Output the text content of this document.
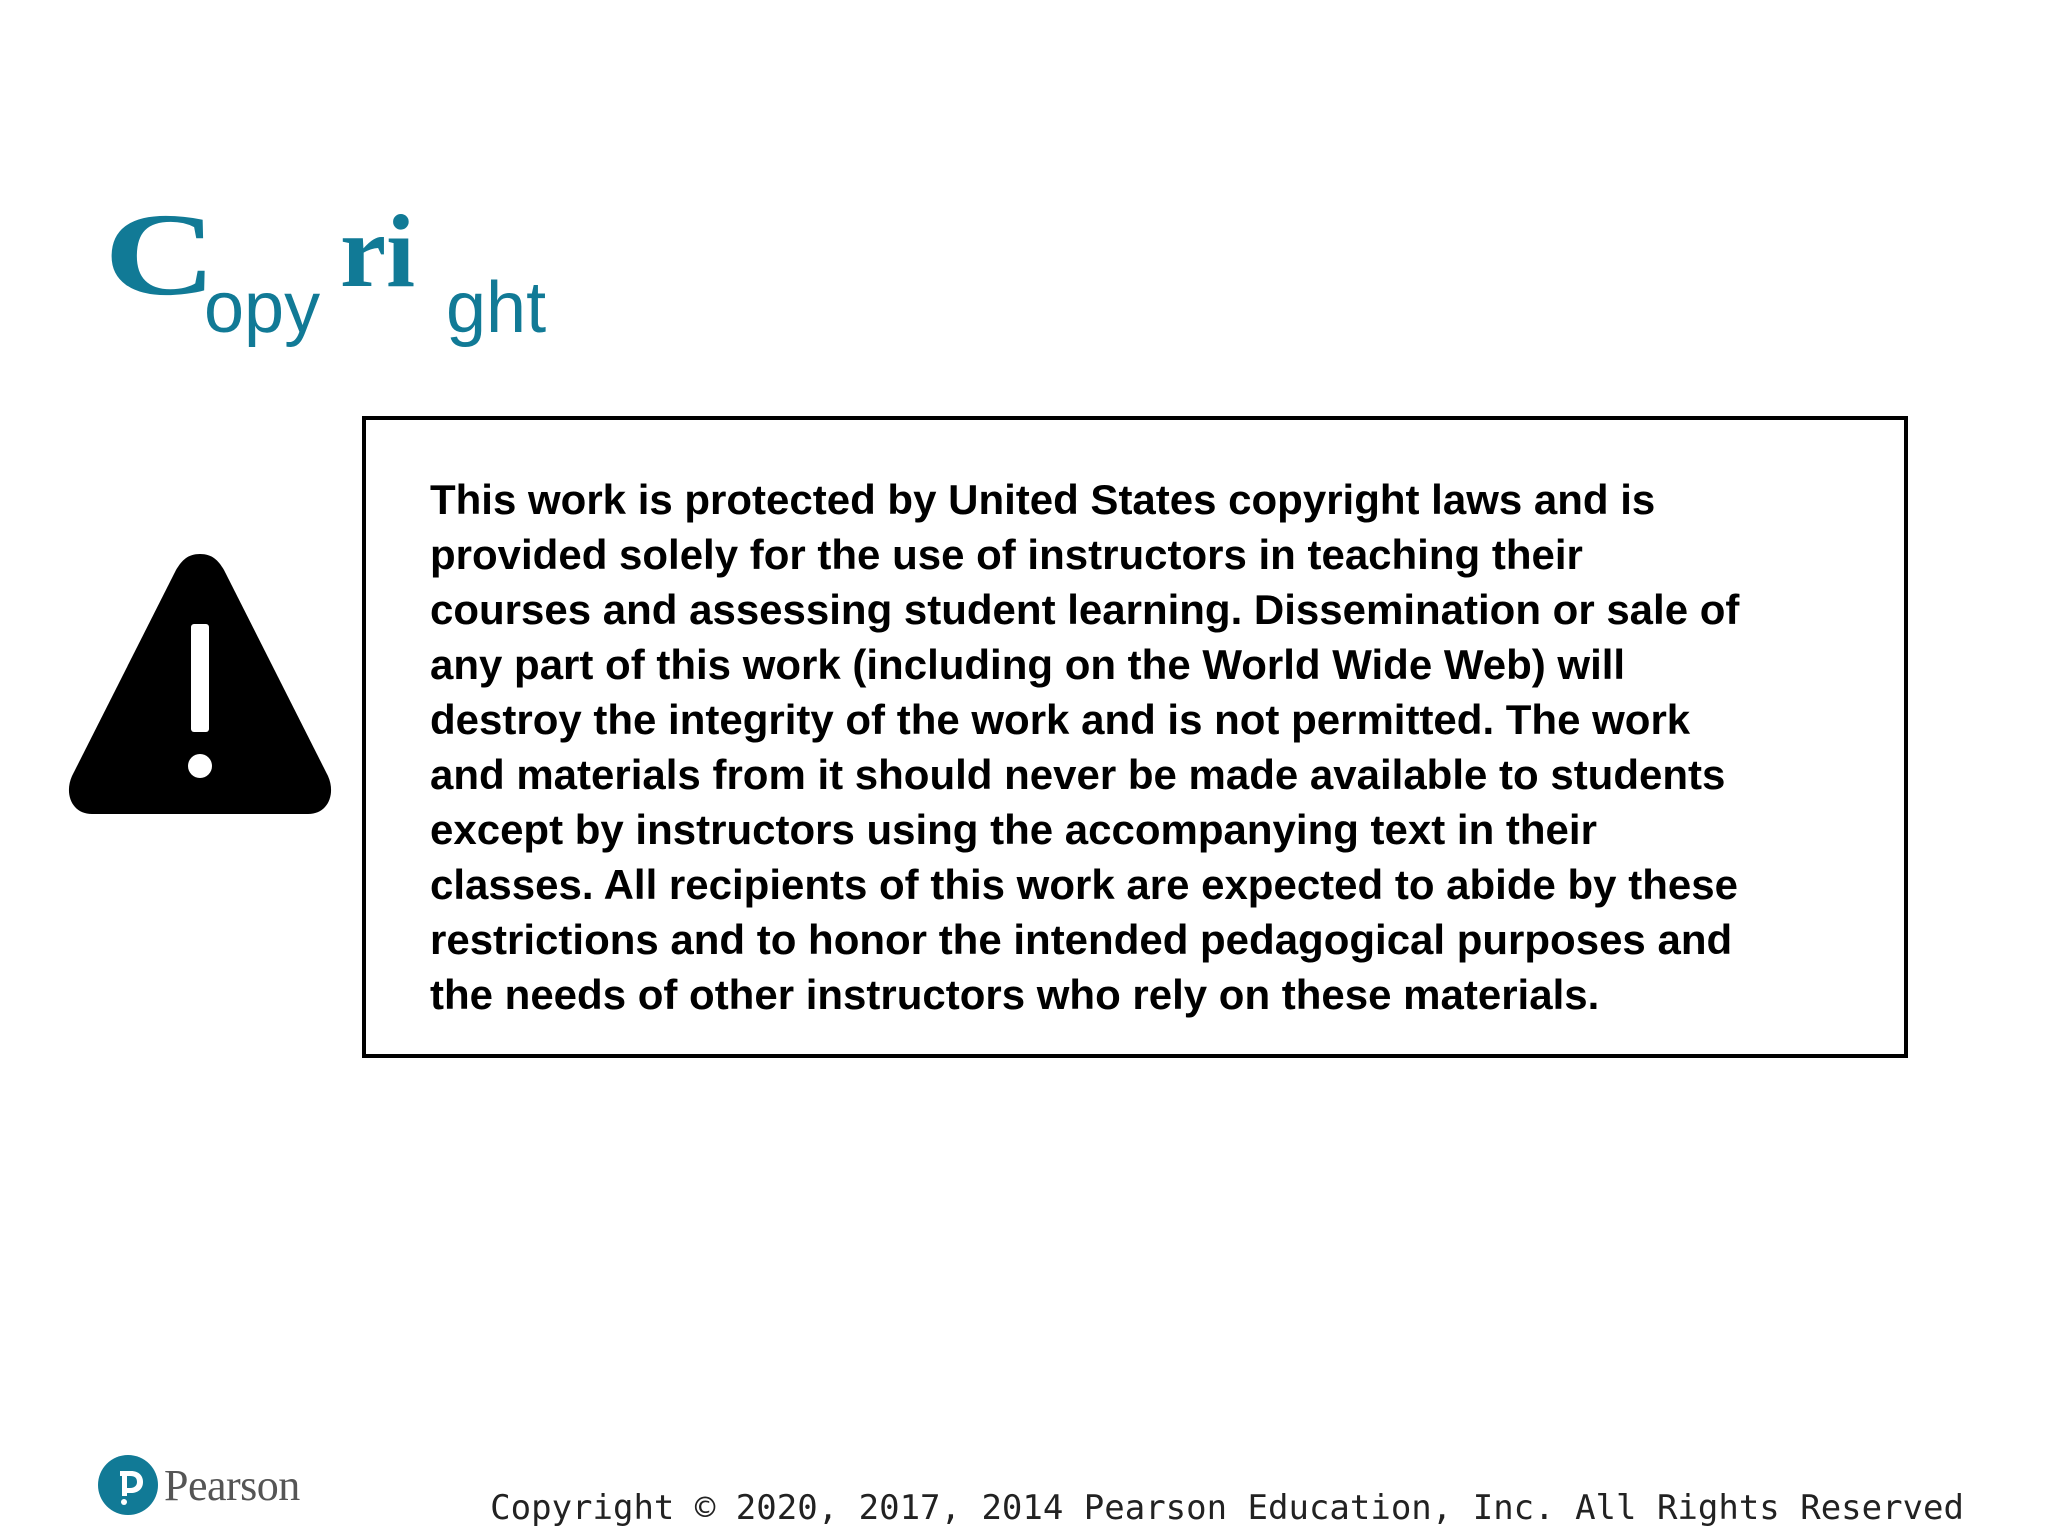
C
opy ri ght

This work is protected by United States copyright laws and is
provided solely for the use of instructors in teaching their
courses and assessing student learning. Dissemination or sale of
any part of this work (including on the World Wide Web) will
destroy the integrity of the work and is not permitted. The work
and materials from it should never be made available to students
except by instructors using the accompanying text in their
classes. All recipients of this work are expected to abide by these
restrictions and to honor the intended pedagogical purposes and
the needs of other instructors who rely on these materials.

Pearson	Copyright © 2020, 2017, 2014 Pearson Education, Inc. All Rights Reserved
